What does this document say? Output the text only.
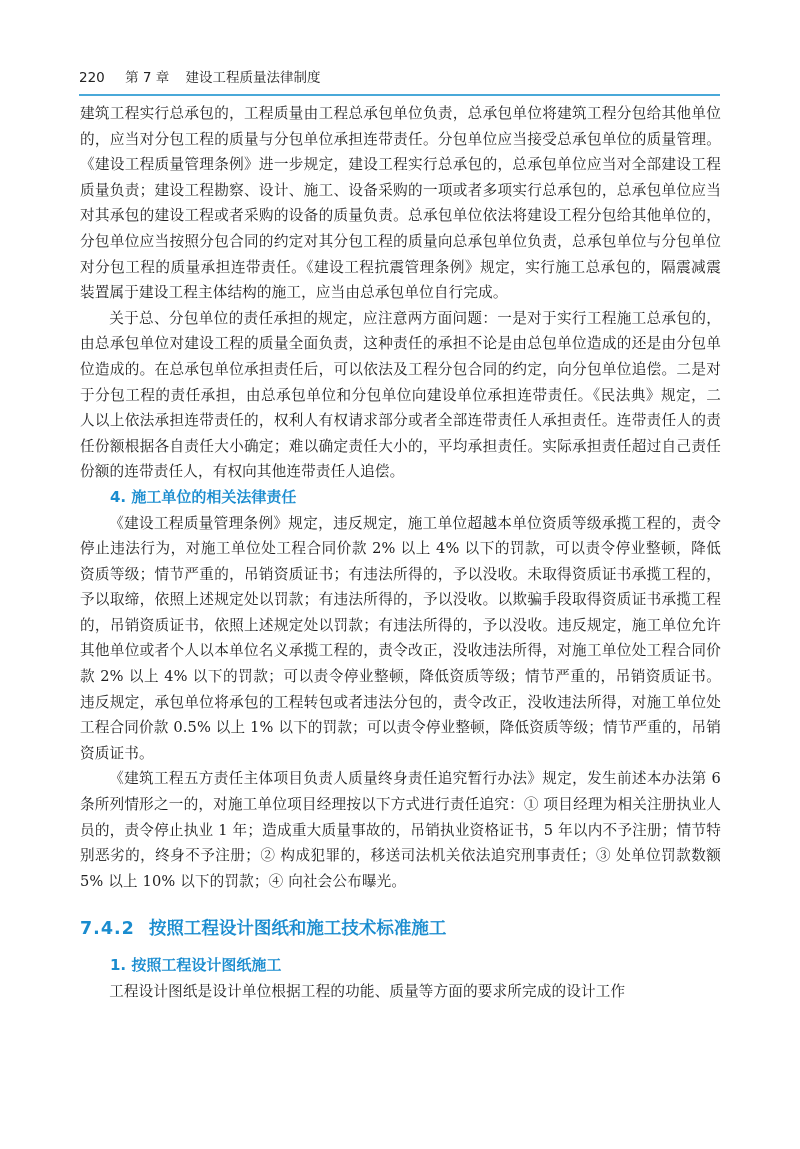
220 第 7 章 建设工程质量法律制度

建筑工程实行总承包的，工程质量由工程总承包单位负责，总承包单位将建筑工程分包给其他单位的，应当对分包工程的质量与分包单位承担连带责任。分包单位应当接受总承包单位的质量管理。《建设工程质量管理条例》进一步规定，建设工程实行总承包的，总承包单位应当对全部建设工程质量负责；建设工程勘察、设计、施工、设备采购的一项或者多项实行总承包的，总承包单位应当对其承包的建设工程或者采购的设备的质量负责。总承包单位依法将建设工程分包给其他单位的，分包单位应当按照分包合同的约定对其分包工程的质量向总承包单位负责，总承包单位与分包单位对分包工程的质量承担连带责任。《建设工程抗震管理条例》规定，实行施工总承包的，隔震减震装置属于建设工程主体结构的施工，应当由总承包单位自行完成。

关于总、分包单位的责任承担的规定，应注意两方面问题：一是对于实行工程施工总承包的，由总承包单位对建设工程的质量全面负责，这种责任的承担不论是由总包单位造成的还是由分包单位造成的。在总承包单位承担责任后，可以依法及工程分包合同的约定，向分包单位追偿。二是对于分包工程的责任承担，由总承包单位和分包单位向建设单位承担连带责任。《民法典》规定，二人以上依法承担连带责任的，权利人有权请求部分或者全部连带责任人承担责任。连带责任人的责任份额根据各自责任大小确定；难以确定责任大小的，平均承担责任。实际承担责任超过自己责任份额的连带责任人，有权向其他连带责任人追偿。

4. 施工单位的相关法律责任

《建设工程质量管理条例》规定，违反规定，施工单位超越本单位资质等级承揽工程的，责令停止违法行为，对施工单位处工程合同价款 2% 以上 4% 以下的罚款，可以责令停业整顿，降低资质等级；情节严重的，吊销资质证书；有违法所得的，予以没收。未取得资质证书承揽工程的，予以取缔，依照上述规定处以罚款；有违法所得的，予以没收。以欺骗手段取得资质证书承揽工程的，吊销资质证书，依照上述规定处以罚款；有违法所得的，予以没收。违反规定，施工单位允许其他单位或者个人以本单位名义承揽工程的，责令改正，没收违法所得，对施工单位处工程合同价款 2% 以上 4% 以下的罚款；可以责令停业整顿，降低资质等级；情节严重的，吊销资质证书。违反规定，承包单位将承包的工程转包或者违法分包的，责令改正，没收违法所得，对施工单位处工程合同价款 0.5% 以上 1% 以下的罚款；可以责令停业整顿，降低资质等级；情节严重的，吊销资质证书。

《建筑工程五方责任主体项目负责人质量终身责任追究暂行办法》规定，发生前述本办法第 6 条所列情形之一的，对施工单位项目经理按以下方式进行责任追究：① 项目经理为相关注册执业人员的，责令停止执业 1 年；造成重大质量事故的，吊销执业资格证书，5 年以内不予注册；情节特别恶劣的，终身不予注册；② 构成犯罪的，移送司法机关依法追究刑事责任；③ 处单位罚款数额 5% 以上 10% 以下的罚款；④ 向社会公布曝光。

7.4.2 按照工程设计图纸和施工技术标准施工
1. 按照工程设计图纸施工

工程设计图纸是设计单位根据工程的功能、质量等方面的要求所完成的设计工作
